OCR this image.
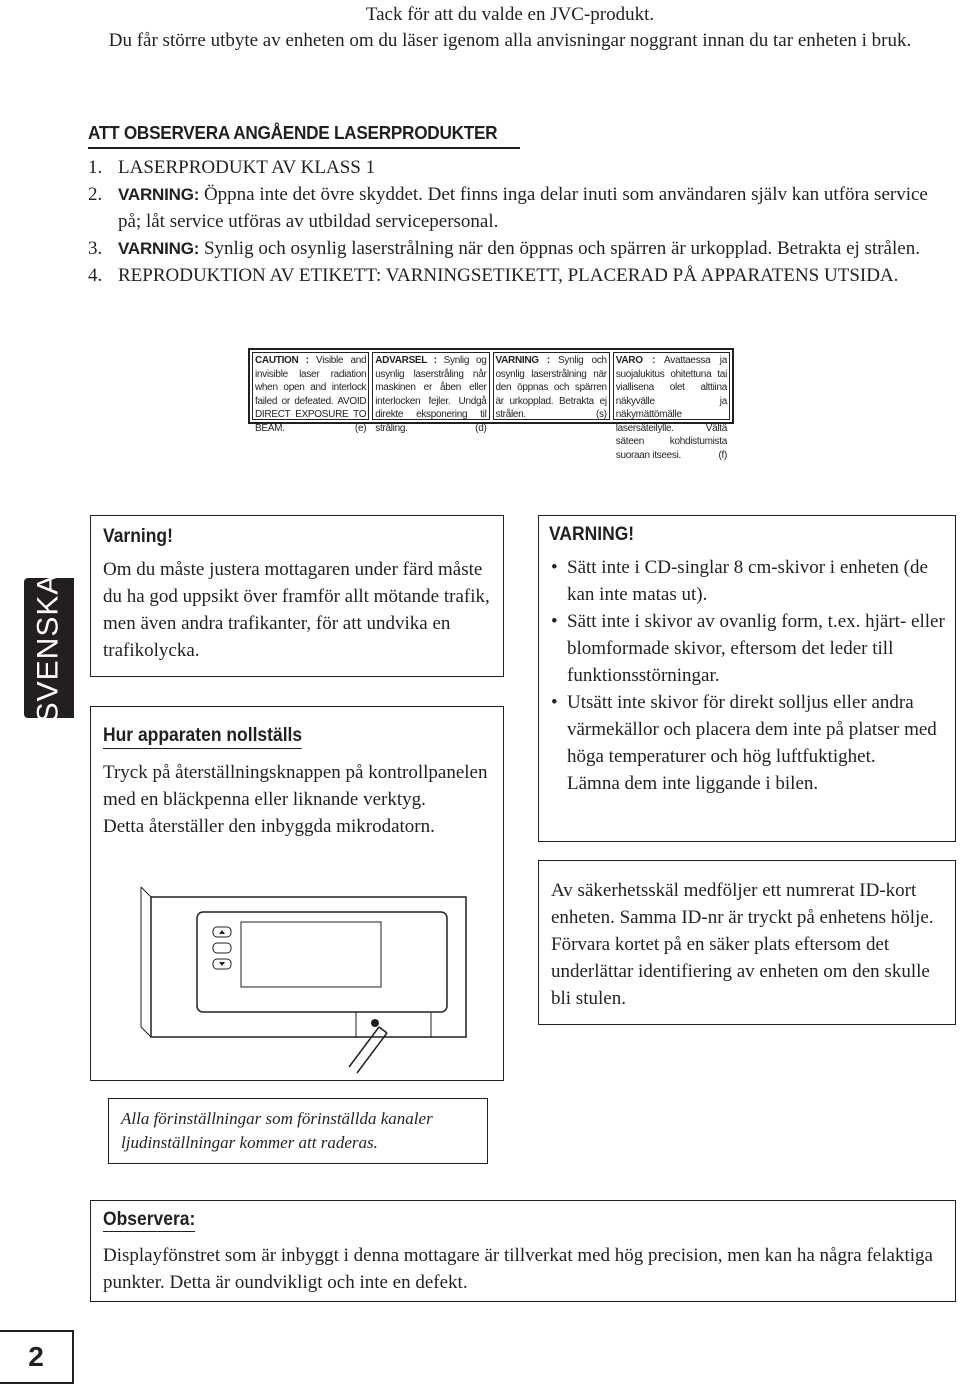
Tack för att du valde en JVC-produkt.
Du får större utbyte av enheten om du läser igenom alla anvisningar noggrant innan du tar enheten i bruk.
ATT OBSERVERA ANGÅENDE LASERPRODUKTER
1. LASERPRODUKT AV KLASS 1
2. VARNING: Öppna inte det övre skyddet. Det finns inga delar inuti som användaren själv kan utföra service på; låt service utföras av utbildad servicepersonal.
3. VARNING: Synlig och osynlig laserstrålning när den öppnas och spärren är urkopplad. Betrakta ej strålen.
4. REPRODUKTION AV ETIKETT: VARNINGSETIKETT, PLACERAD PÅ APPARATENS UTSIDA.
CAUTION : Visible and invisible laser radiation when open and interlock failed or defeated. AVOID DIRECT EXPOSURE TO BEAM.	(e)
ADVARSEL : Synlig og usynlig laserstråling når maskinen er åben eller interlocken fejler. Undgå direkte eksponering til stråling.	(d)
VARNING : Synlig och osynlig laserstrålning när den öppnas och spärren är urkopplad. Betrakta ej strålen.	(s)
VARO : Avattaessa ja suojalukitus ohitettuna tai viallisena olet alttiina näkyvälle ja näkymättömälle lasersäteilylle. Vältä säteen kohdistumista suoraan itseesi.	(f)
SVENSKA
Varning!
Om du måste justera mottagaren under färd måste du ha god uppsikt över framför allt mötande trafik, men även andra trafikanter, för att undvika en trafikolycka.
Hur apparaten nollställs
Tryck på återställningsknappen på kontrollpanelen med en bläckpenna eller liknande verktyg.
Detta återställer den inbyggda mikrodatorn.
VARNING!
• Sätt inte i CD-singlar 8 cm-skivor i enheten (de kan inte matas ut).
• Sätt inte i skivor av ovanlig form, t.ex. hjärt- eller blomformade skivor, eftersom det leder till funktionsstörningar.
• Utsätt inte skivor för direkt solljus eller andra värmekällor och placera dem inte på platser med höga temperaturer och hög luftfuktighet.
Lämna dem inte liggande i bilen.
Av säkerhetsskäl medföljer ett numrerat ID-kort enheten. Samma ID-nr är tryckt på enhetens hölje. Förvara kortet på en säker plats eftersom det underlättar identifiering av enheten om den skulle bli stulen.
Alla förinställningar som förinställda kanaler ljudinställningar kommer att raderas.
Observera:
Displayfönstret som är inbyggt i denna mottagare är tillverkat med hög precision, men kan ha några felaktiga punkter. Detta är oundvikligt och inte en defekt.
2
